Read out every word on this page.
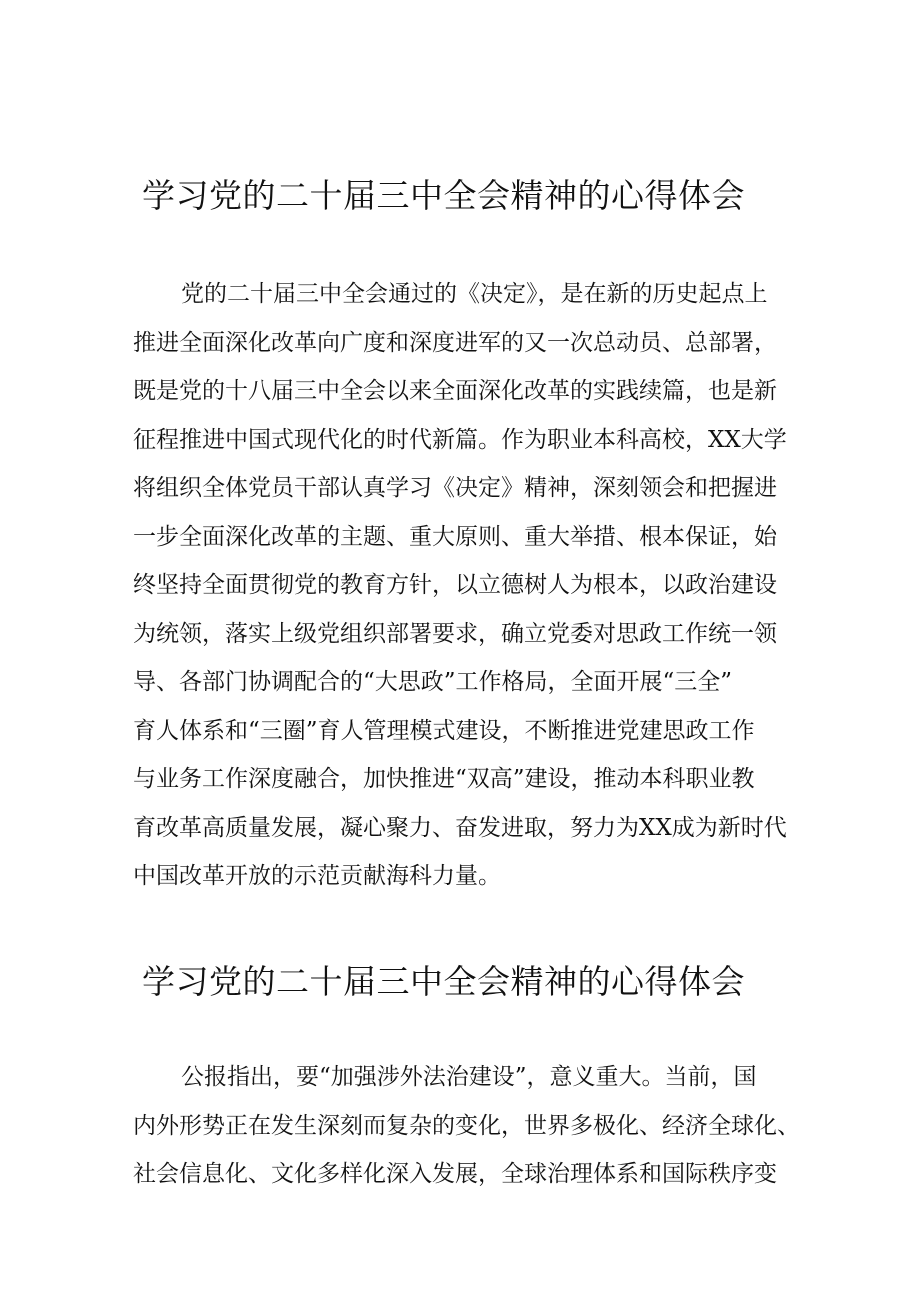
学习党的二十届三中全会精神的心得体会
党的二十届三中全会通过的《决定》，是在新的历史起点上
推进全面深化改革向广度和深度进军的又一次总动员、总部署，
既是党的十八届三中全会以来全面深化改革的实践续篇，也是新
征程推进中国式现代化的时代新篇。作为职业本科高校，XX大学
将组织全体党员干部认真学习《决定》精神，深刻领会和把握进
一步全面深化改革的主题、重大原则、重大举措、根本保证，始
终坚持全面贯彻党的教育方针，以立德树人为根本，以政治建设
为统领，落实上级党组织部署要求，确立党委对思政工作统一领
导、各部门协调配合的“大思政”工作格局，全面开展“三全”
育人体系和“三圈”育人管理模式建设，不断推进党建思政工作
与业务工作深度融合，加快推进“双高”建设，推动本科职业教
育改革高质量发展，凝心聚力、奋发进取，努力为XX成为新时代
中国改革开放的示范贡献海科力量。
学习党的二十届三中全会精神的心得体会
公报指出，要“加强涉外法治建设”，意义重大。当前，国
内外形势正在发生深刻而复杂的变化，世界多极化、经济全球化、
社会信息化、文化多样化深入发展，全球治理体系和国际秩序变
